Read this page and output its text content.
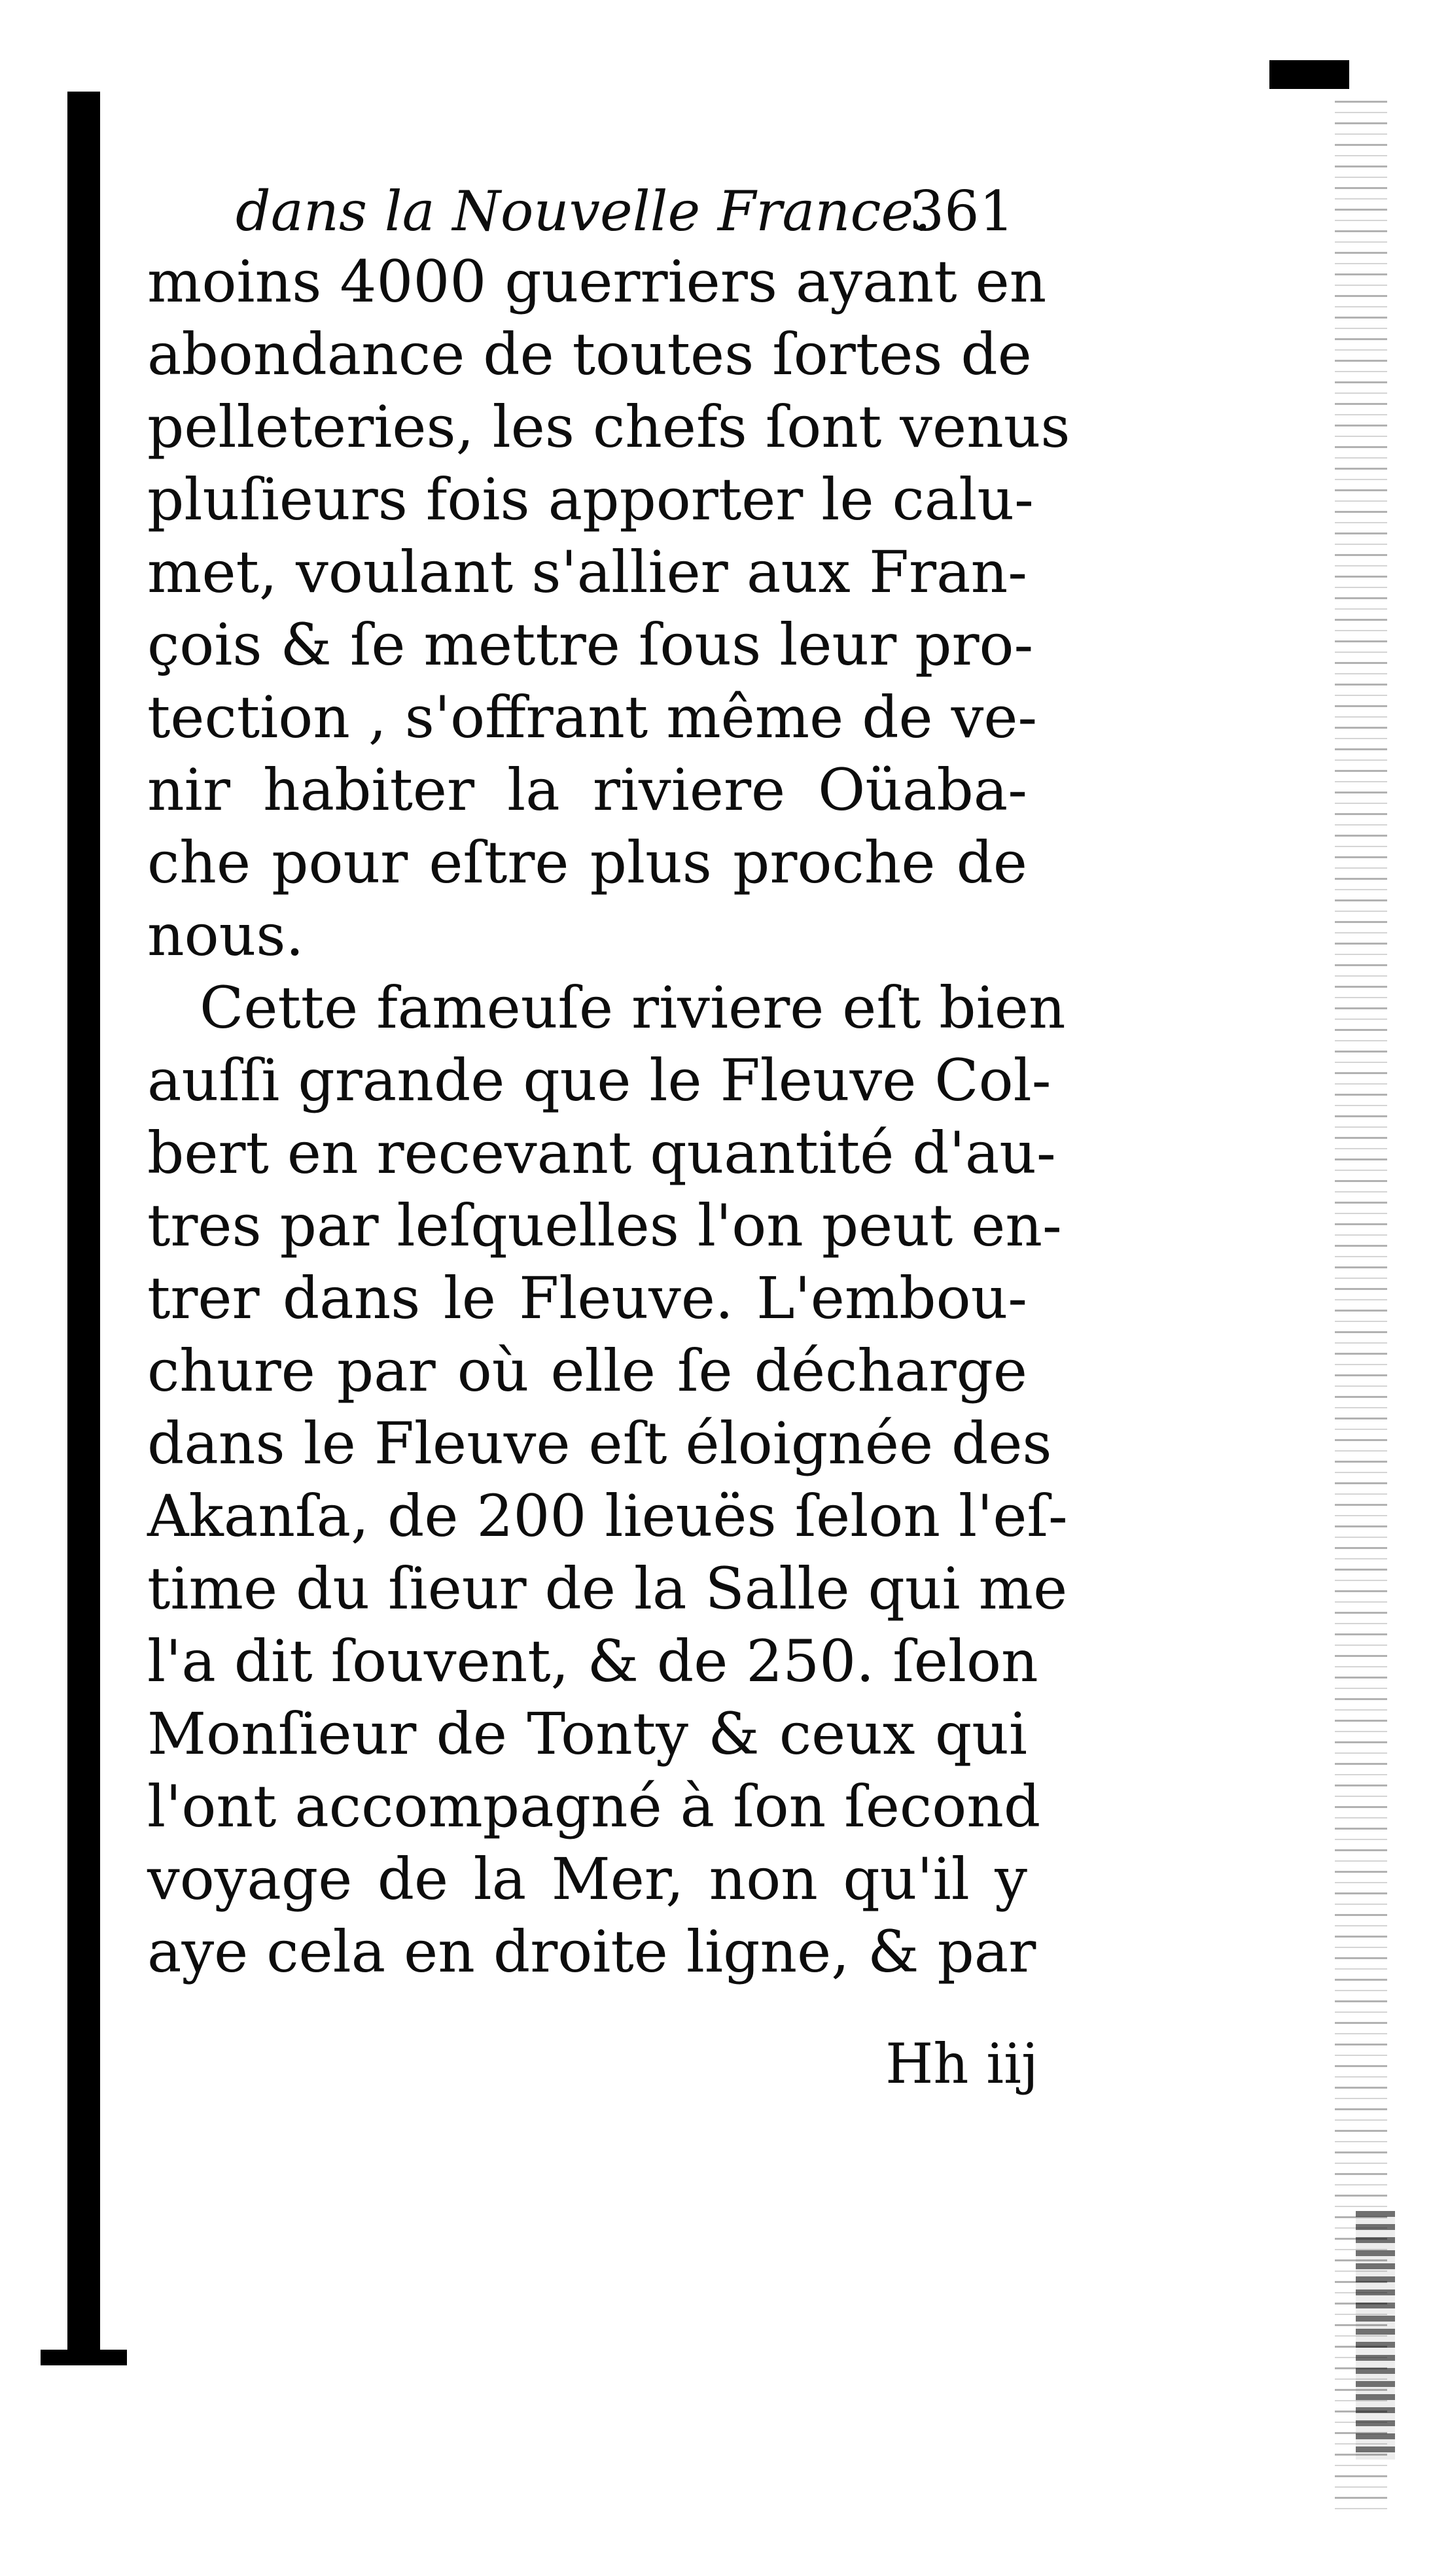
dans la Nouvelle France.
361
moins 4000 guerriers ayant en
abondance de toutes ſortes de
pelleteries, les chefs ſont venus
pluſieurs fois apporter le calu-
met, voulant s'allier aux Fran-
çois & ſe mettre ſous leur pro-
tection , s'offrant même de ve-
nir habiter la riviere Oüaba-
che pour eſtre plus proche de
nous.
Cette fameuſe riviere eſt bien
auſſi grande que le Fleuve Col-
bert en recevant quantité d'au-
tres par leſquelles l'on peut en-
trer dans le Fleuve. L'embou-
chure par où elle ſe décharge
dans le Fleuve eſt éloignée des
Akanſa, de 200 lieuës ſelon l'eſ-
time du ſieur de la Salle qui me
l'a dit ſouvent, & de 250. ſelon
Monſieur de Tonty & ceux qui
l'ont accompagné à ſon ſecond
voyage de la Mer, non qu'il y
aye cela en droite ligne, & par
Hh iij
